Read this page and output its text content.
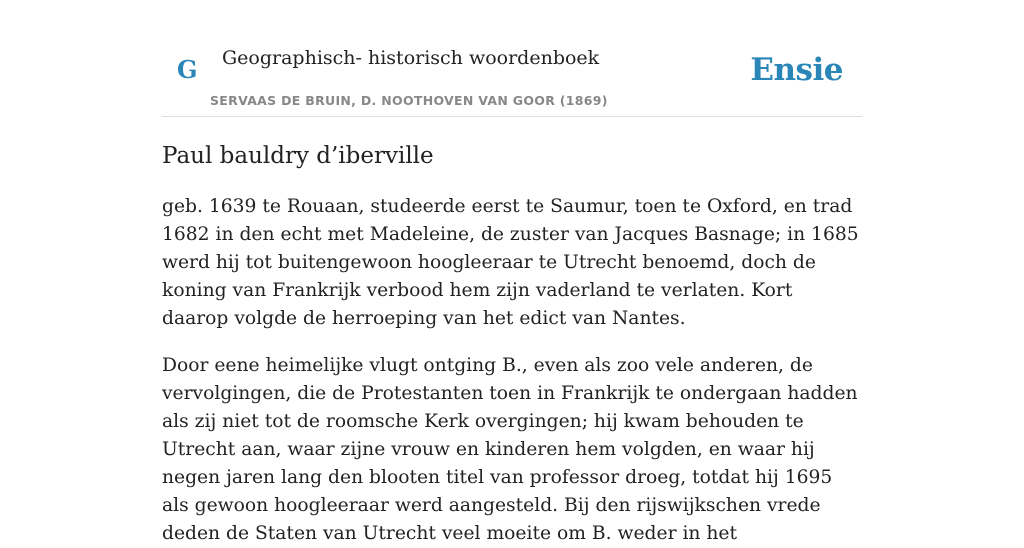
G Geographisch- historisch woordenboek
SERVAAS DE BRUIN, D. NOOTHOVEN VAN GOOR (1869)
Ensie
Paul bauldry d’iberville

geb. 1639 te Rouaan, studeerde eerst te Saumur, toen te Oxford, en trad 1682 in den echt met Madeleine, de zuster van Jacques Basnage; in 1685 werd hij tot buitengewoon hoogleeraar te Utrecht benoemd, doch de koning van Frankrijk verbood hem zijn vaderland te verlaten. Kort daarop volgde de herroeping van het edict van Nantes.

Door eene heimelijke vlugt ontging B., even als zoo vele anderen, de vervolgingen, die de Protestanten toen in Frankrijk te ondergaan hadden als zij niet tot de roomsche Kerk overgingen; hij kwam behouden te Utrecht aan, waar zijne vrouw en kinderen hem volgden, en waar hij negen jaren lang den blooten titel van professor droeg, totdat hij 1695 als gewoon hoogleeraar werd aangesteld. Bij den rijswijkschen vrede deden de Staten van Utrecht veel moeite om B. weder in het
